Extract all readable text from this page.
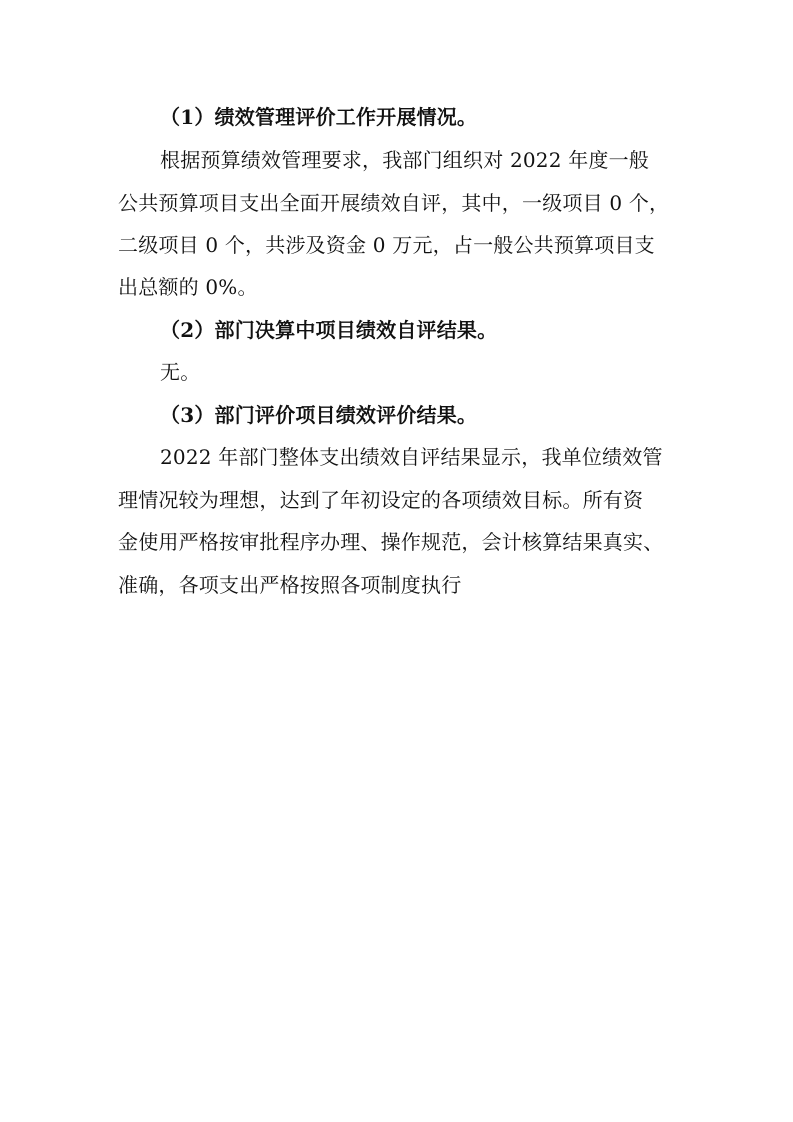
（1）绩效管理评价工作开展情况。
根据预算绩效管理要求，我部门组织对 2022 年度一般
公共预算项目支出全面开展绩效自评，其中，一级项目 0 个，
二级项目 0 个，共涉及资金 0 万元，占一般公共预算项目支
出总额的 0%。
（2）部门决算中项目绩效自评结果。
无。
（3）部门评价项目绩效评价结果。
2022 年部门整体支出绩效自评结果显示，我单位绩效管
理情况较为理想，达到了年初设定的各项绩效目标。所有资
金使用严格按审批程序办理、操作规范，会计核算结果真实、
准确，各项支出严格按照各项制度执行
